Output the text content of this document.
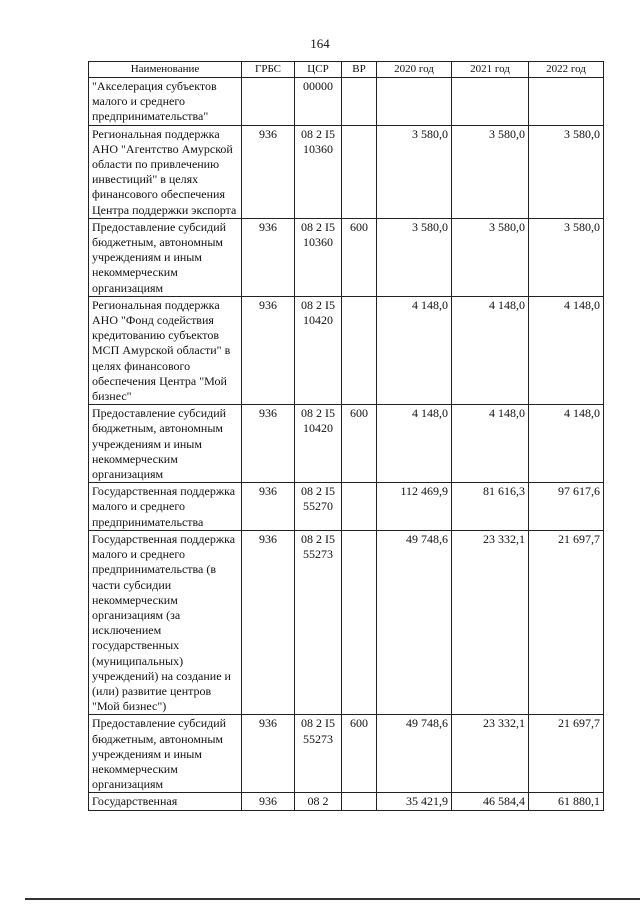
164
Наименование	ГРБС	ЦСР	ВР	2020 год	2021 год	2022 год
"Акселерация субъектов малого и среднего предпринимательства"		00000				
Региональная поддержка АНО "Агентство Амурской области по привлечению инвестиций" в целях финансового обеспечения Центра поддержки экспорта	936	08 2 I5 10360		3 580,0	3 580,0	3 580,0
Предоставление субсидий бюджетным, автономным учреждениям и иным некоммерческим организациям	936	08 2 I5 10360	600	3 580,0	3 580,0	3 580,0
Региональная поддержка АНО "Фонд содействия кредитованию субъектов МСП Амурской области" в целях финансового обеспечения Центра "Мой бизнес"	936	08 2 I5 10420		4 148,0	4 148,0	4 148,0
Предоставление субсидий бюджетным, автономным учреждениям и иным некоммерческим организациям	936	08 2 I5 10420	600	4 148,0	4 148,0	4 148,0
Государственная поддержка малого и среднего предпринимательства	936	08 2 I5 55270		112 469,9	81 616,3	97 617,6
Государственная поддержка малого и среднего предпринимательства (в части субсидии некоммерческим организациям (за исключением государственных (муниципальных) учреждений) на создание и (или) развитие центров "Мой бизнес")	936	08 2 I5 55273		49 748,6	23 332,1	21 697,7
Предоставление субсидий бюджетным, автономным учреждениям и иным некоммерческим организациям	936	08 2 I5 55273	600	49 748,6	23 332,1	21 697,7
Государственная	936	08 2		35 421,9	46 584,4	61 880,1
